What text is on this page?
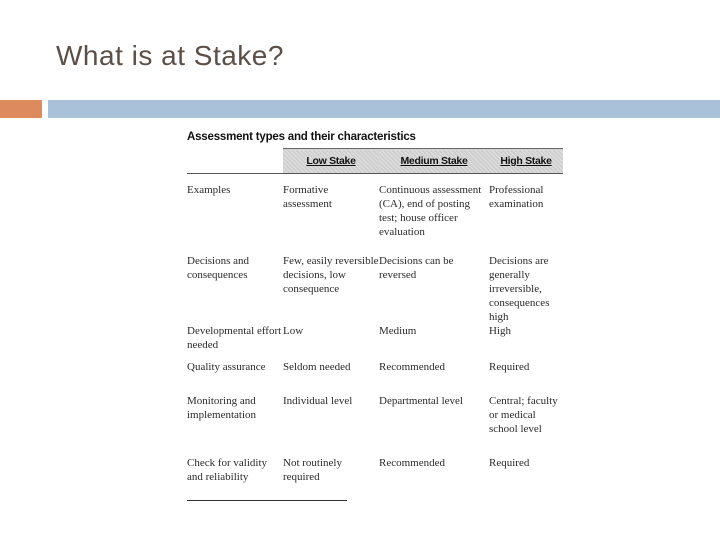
What is at Stake?
Assessment types and their characteristics
	Low Stake	Medium Stake	High Stake
Examples	Formative assessment	Continuous assessment (CA), end of posting test; house officer evaluation	Professional examination
Decisions and consequences	Few, easily reversible decisions, low consequence	Decisions can be reversed	Decisions are generally irreversible, consequences high
Developmental effort needed	Low	Medium	High
Quality assurance	Seldom needed	Recommended	Required
Monitoring and implementation	Individual level	Departmental level	Central; faculty or medical school level
Check for validity and reliability	Not routinely required	Recommended	Required
